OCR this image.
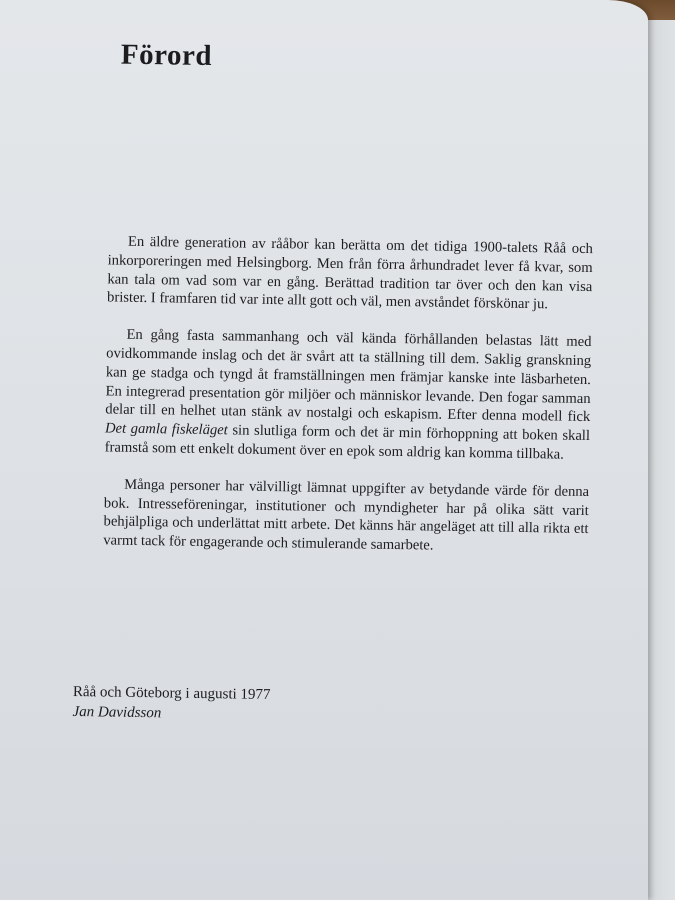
Förord

En äldre generation av rååbor kan berätta om det tidiga 1900-talets Råå och inkorporeringen med Helsingborg. Men från förra århundradet lever få kvar, som kan tala om vad som var en gång. Berättad tradition tar över och den kan visa brister. I framfaren tid var inte allt gott och väl, men avståndet förskönar ju.

En gång fasta sammanhang och väl kända förhållanden belastas lätt med ovidkommande inslag och det är svårt att ta ställning till dem. Saklig granskning kan ge stadga och tyngd åt framställningen men främjar kanske inte läsbarheten. En integrerad presentation gör miljöer och människor levande. Den fogar samman delar till en helhet utan stänk av nostalgi och eskapism. Efter denna modell fick Det gamla fiskeläget sin slutliga form och det är min förhoppning att boken skall framstå som ett enkelt dokument över en epok som aldrig kan komma tillbaka.

Många personer har välvilligt lämnat uppgifter av betydande värde för denna bok. Intresseföreningar, institutioner och myndigheter har på olika sätt varit behjälpliga och underlättat mitt arbete. Det känns här angeläget att till alla rikta ett varmt tack för engagerande och stimulerande samarbete.

Råå och Göteborg i augusti 1977
Jan Davidsson
